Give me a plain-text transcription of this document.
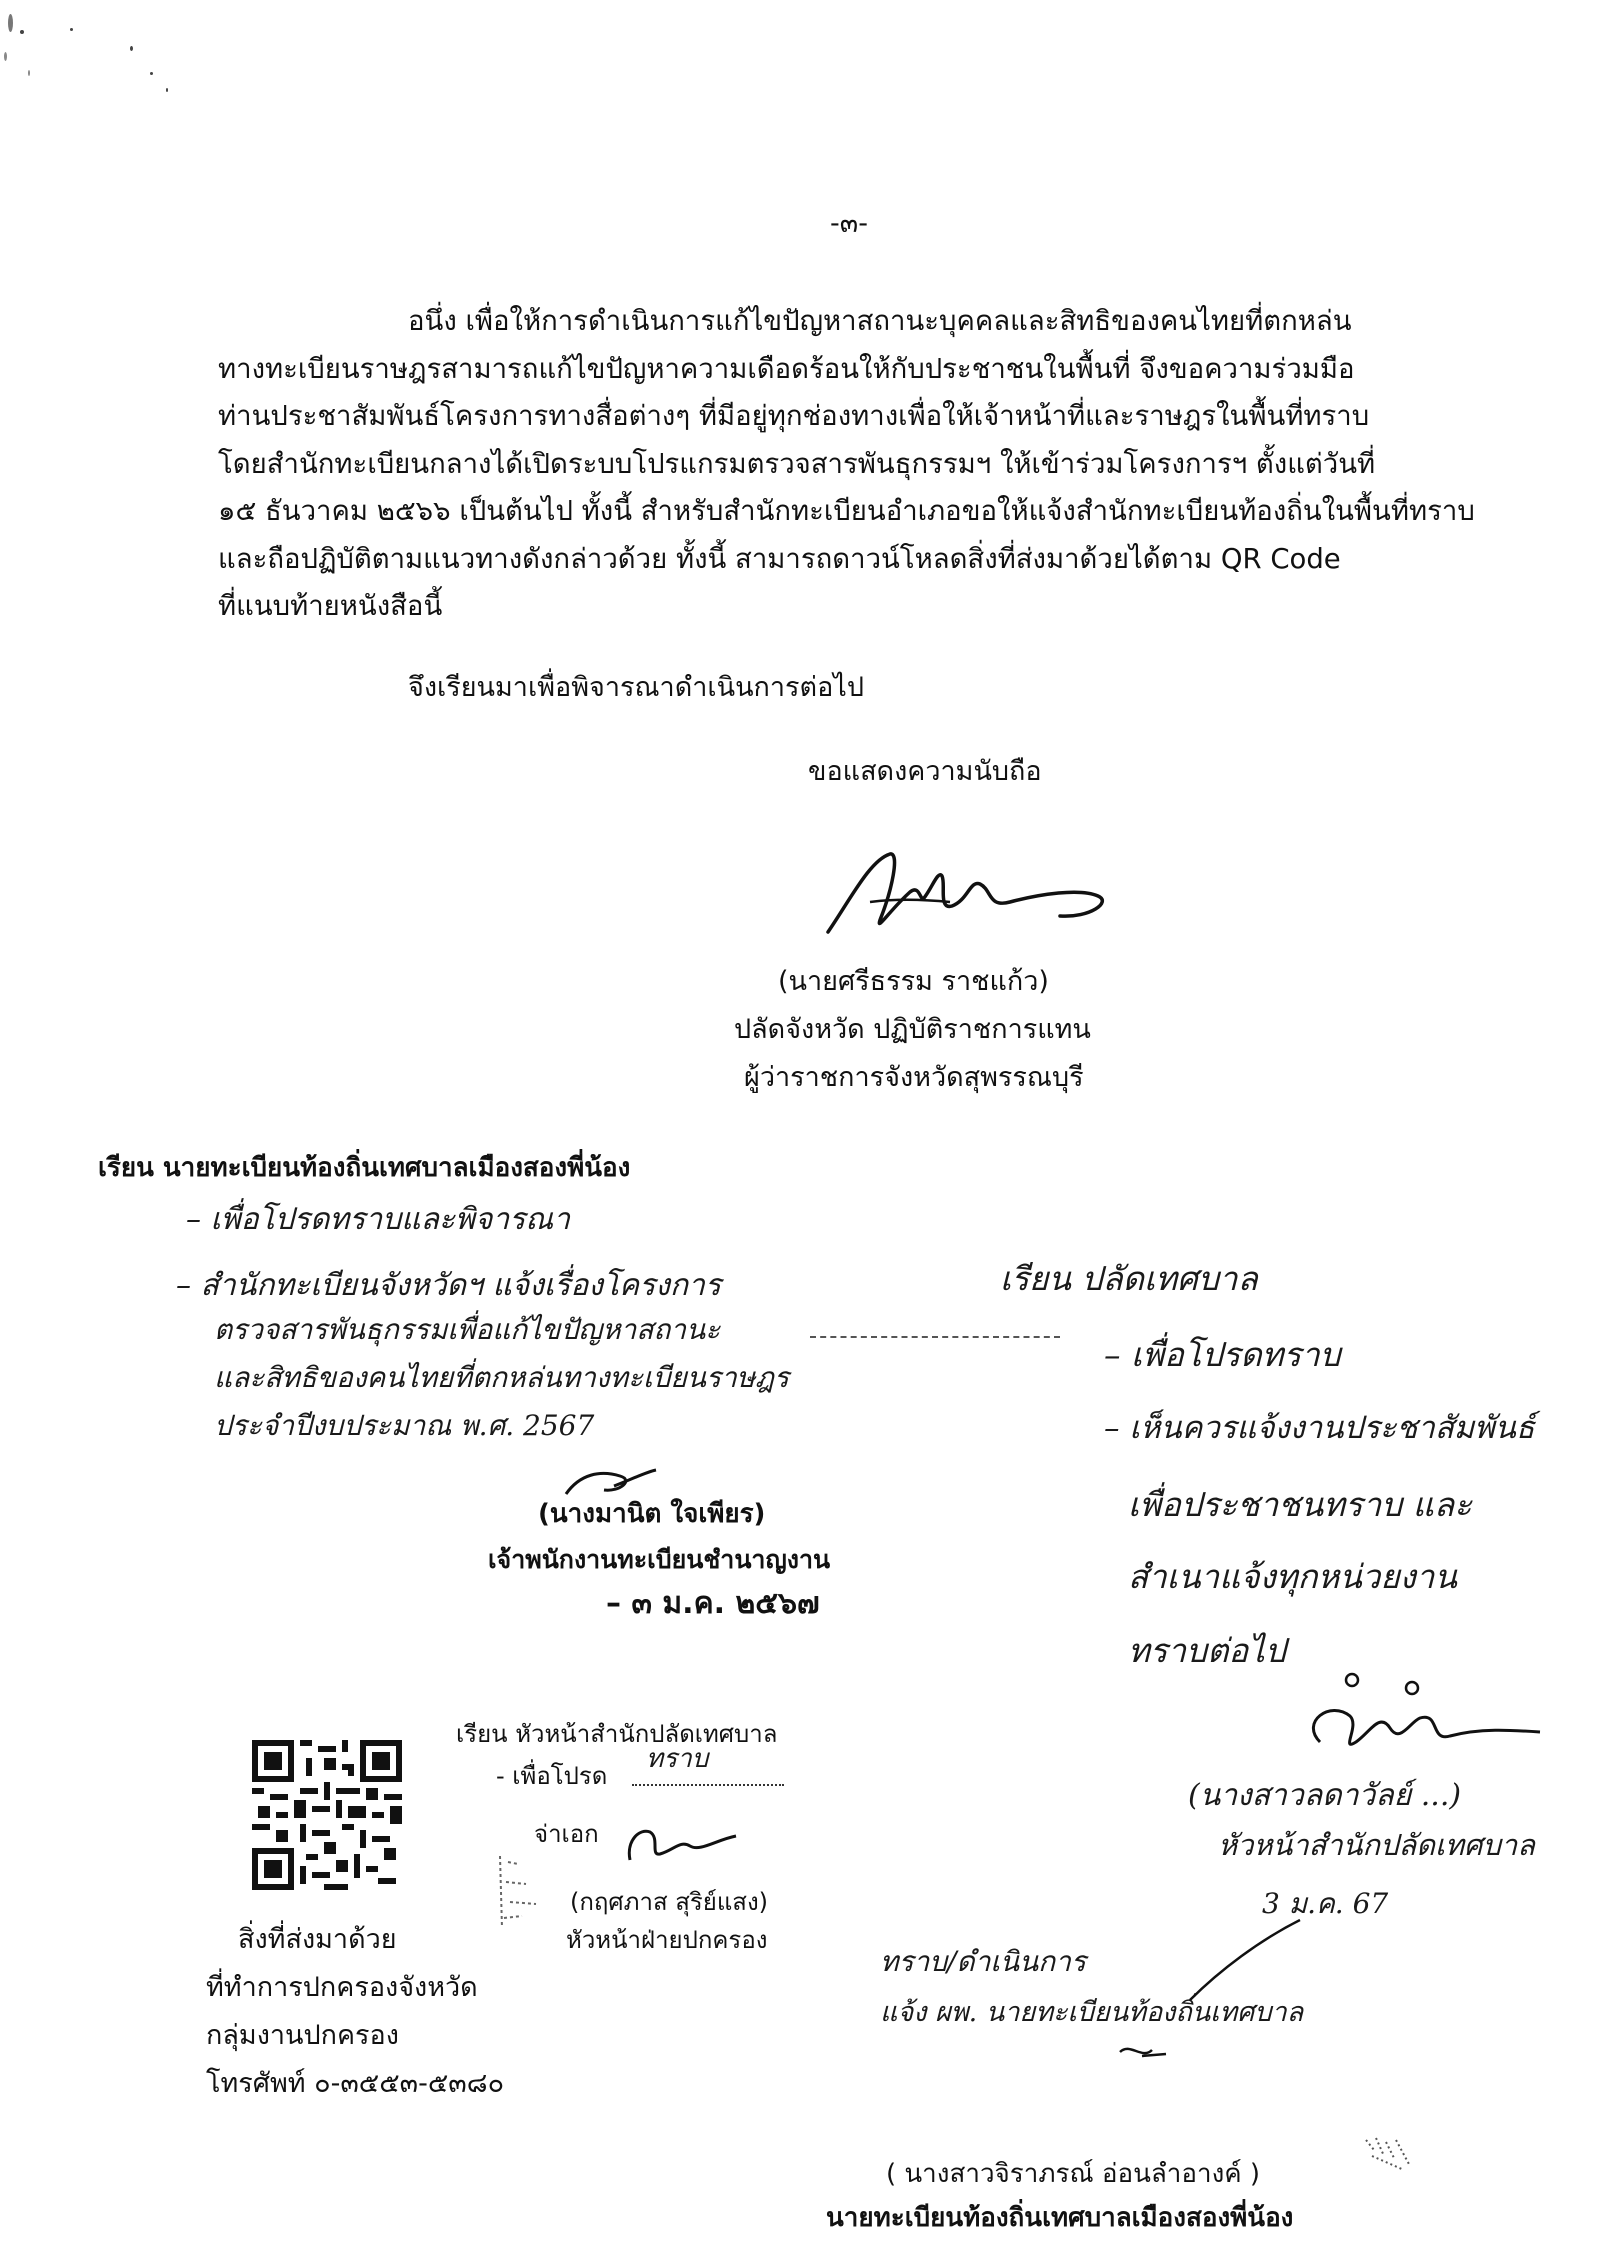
-๓-
อนึ่ง เพื่อให้การดำเนินการแก้ไขปัญหาสถานะบุคคลและสิทธิของคนไทยที่ตกหล่น
ทางทะเบียนราษฎรสามารถแก้ไขปัญหาความเดือดร้อนให้กับประชาชนในพื้นที่ จึงขอความร่วมมือ
ท่านประชาสัมพันธ์โครงการทางสื่อต่างๆ ที่มีอยู่ทุกช่องทางเพื่อให้เจ้าหน้าที่และราษฎรในพื้นที่ทราบ
โดยสำนักทะเบียนกลางได้เปิดระบบโปรแกรมตรวจสารพันธุกรรมฯ ให้เข้าร่วมโครงการฯ ตั้งแต่วันที่
๑๕ ธันวาคม ๒๕๖๖ เป็นต้นไป ทั้งนี้ สำหรับสำนักทะเบียนอำเภอขอให้แจ้งสำนักทะเบียนท้องถิ่นในพื้นที่ทราบ
และถือปฏิบัติตามแนวทางดังกล่าวด้วย ทั้งนี้ สามารถดาวน์โหลดสิ่งที่ส่งมาด้วยได้ตาม QR Code
ที่แนบท้ายหนังสือนี้
จึงเรียนมาเพื่อพิจารณาดำเนินการต่อไป
ขอแสดงความนับถือ
(นายศรีธรรม ราชแก้ว)
ปลัดจังหวัด ปฏิบัติราชการแทน
ผู้ว่าราชการจังหวัดสุพรรณบุรี
เรียน นายทะเบียนท้องถิ่นเทศบาลเมืองสองพี่น้อง
– เพื่อโปรดทราบและพิจารณา
– สำนักทะเบียนจังหวัดฯ แจ้งเรื่องโครงการ
ตรวจสารพันธุกรรมเพื่อแก้ไขปัญหาสถานะ
และสิทธิของคนไทยที่ตกหล่นทางทะเบียนราษฎร
ประจำปีงบประมาณ พ.ศ. 2567
(นางมานิต ใจเพียร)
เจ้าพนักงานทะเบียนชำนาญงาน
– ๓ ม.ค. ๒๕๖๗
เรียน ปลัดเทศบาล
– เพื่อโปรดทราบ
– เห็นควรแจ้งงานประชาสัมพันธ์
เพื่อประชาชนทราบ และ
สำเนาแจ้งทุกหน่วยงาน
ทราบต่อไป
(นางสาวลดาวัลย์ ...)
หัวหน้าสำนักปลัดเทศบาล
3 ม.ค. 67
เรียน หัวหน้าสำนักปลัดเทศบาล
- เพื่อโปรด
ทราบ
จ่าเอก
(กฤศภาส สุริย์แสง)
หัวหน้าฝ่ายปกครอง
สิ่งที่ส่งมาด้วย
ที่ทำการปกครองจังหวัด
กลุ่มงานปกครอง
โทรศัพท์ ๐-๓๕๕๓-๕๓๘๐
ทราบ/ดำเนินการ
แจ้ง ผพ. นายทะเบียนท้องถิ่นเทศบาล
( นางสาวจิราภรณ์ อ่อนลำอางค์ )
นายทะเบียนท้องถิ่นเทศบาลเมืองสองพี่น้อง
